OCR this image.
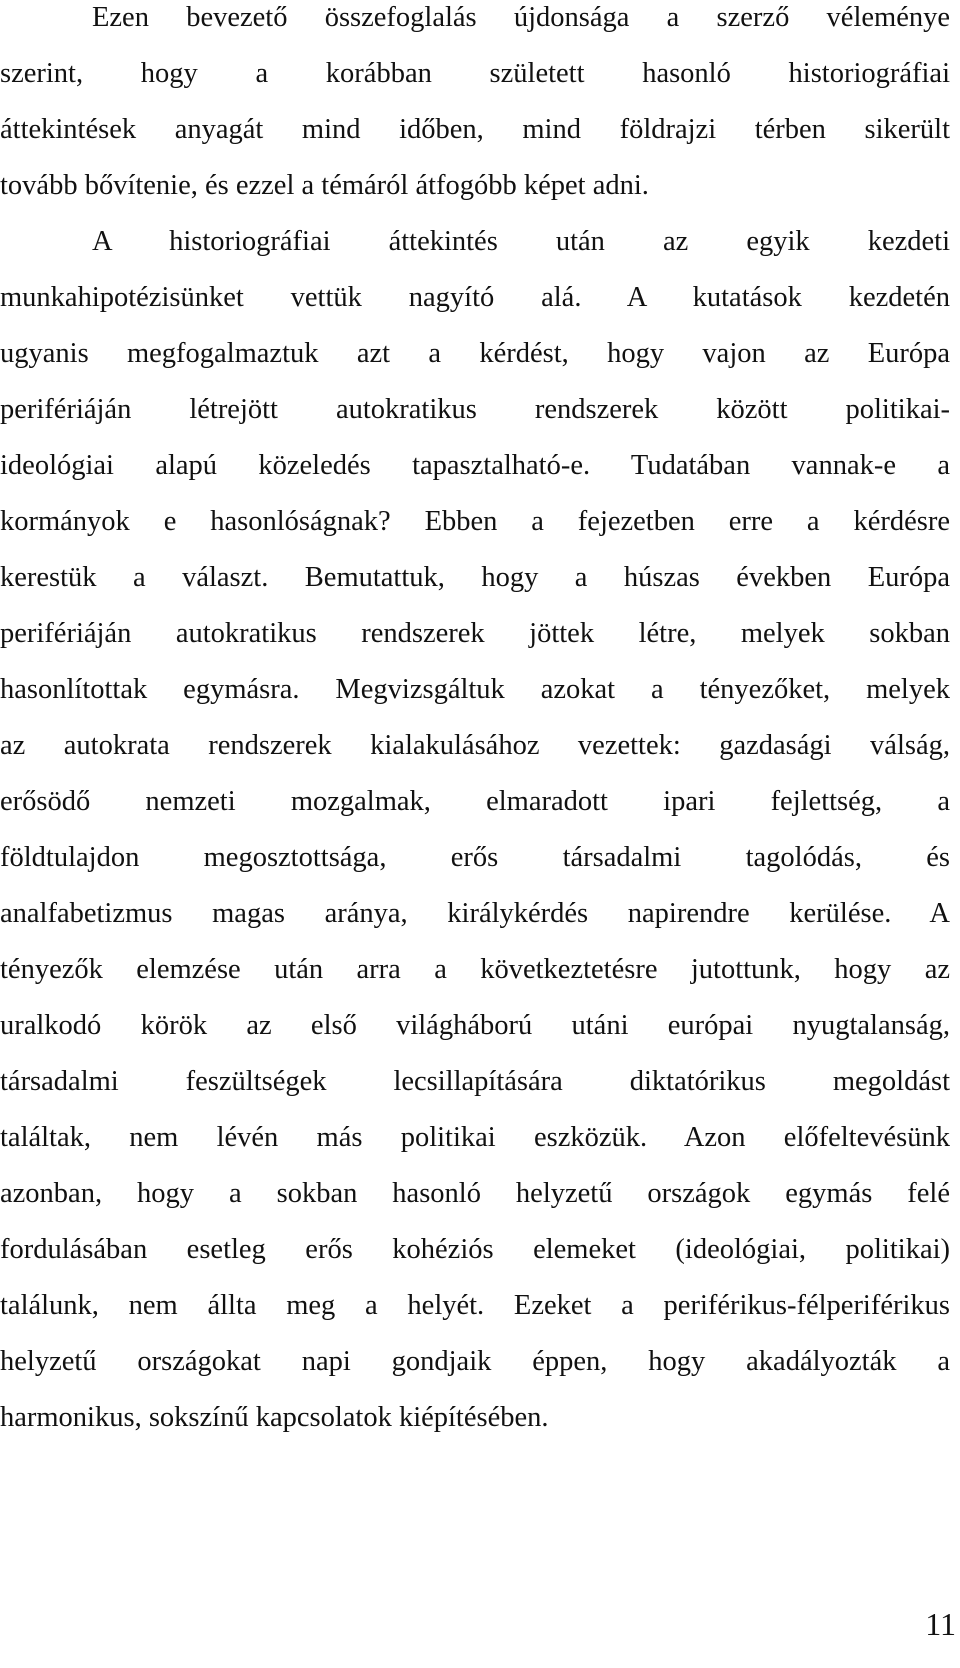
Ezen bevezető összefoglalás újdonsága a szerző véleménye
szerint, hogy a korábban született hasonló historiográfiai
áttekintések anyagát mind időben, mind földrajzi térben sikerült
tovább bővítenie, és ezzel a témáról átfogóbb képet adni.
A historiográfiai áttekintés után az egyik kezdeti
munkahipotézisünket vettük nagyító alá. A kutatások kezdetén
ugyanis megfogalmaztuk azt a kérdést, hogy vajon az Európa
perifériáján létrejött autokratikus rendszerek között politikai-
ideológiai alapú közeledés tapasztalható-e. Tudatában vannak-e a
kormányok e hasonlóságnak? Ebben a fejezetben erre a kérdésre
kerestük a választ. Bemutattuk, hogy a húszas években Európa
perifériáján autokratikus rendszerek jöttek létre, melyek sokban
hasonlítottak egymásra. Megvizsgáltuk azokat a tényezőket, melyek
az autokrata rendszerek kialakulásához vezettek: gazdasági válság,
erősödő nemzeti mozgalmak, elmaradott ipari fejlettség, a
földtulajdon megosztottsága, erős társadalmi tagolódás, és
analfabetizmus magas aránya, királykérdés napirendre kerülése. A
tényezők elemzése után arra a következtetésre jutottunk, hogy az
uralkodó körök az első világháború utáni európai nyugtalanság,
társadalmi feszültségek lecsillapítására diktatórikus megoldást
találtak, nem lévén más politikai eszközük. Azon előfeltevésünk
azonban, hogy a sokban hasonló helyzetű országok egymás felé
fordulásában esetleg erős kohéziós elemeket (ideológiai, politikai)
találunk, nem állta meg a helyét. Ezeket a periférikus-félperiférikus
helyzetű országokat napi gondjaik éppen, hogy akadályozták a
harmonikus, sokszínű kapcsolatok kiépítésében.
11
